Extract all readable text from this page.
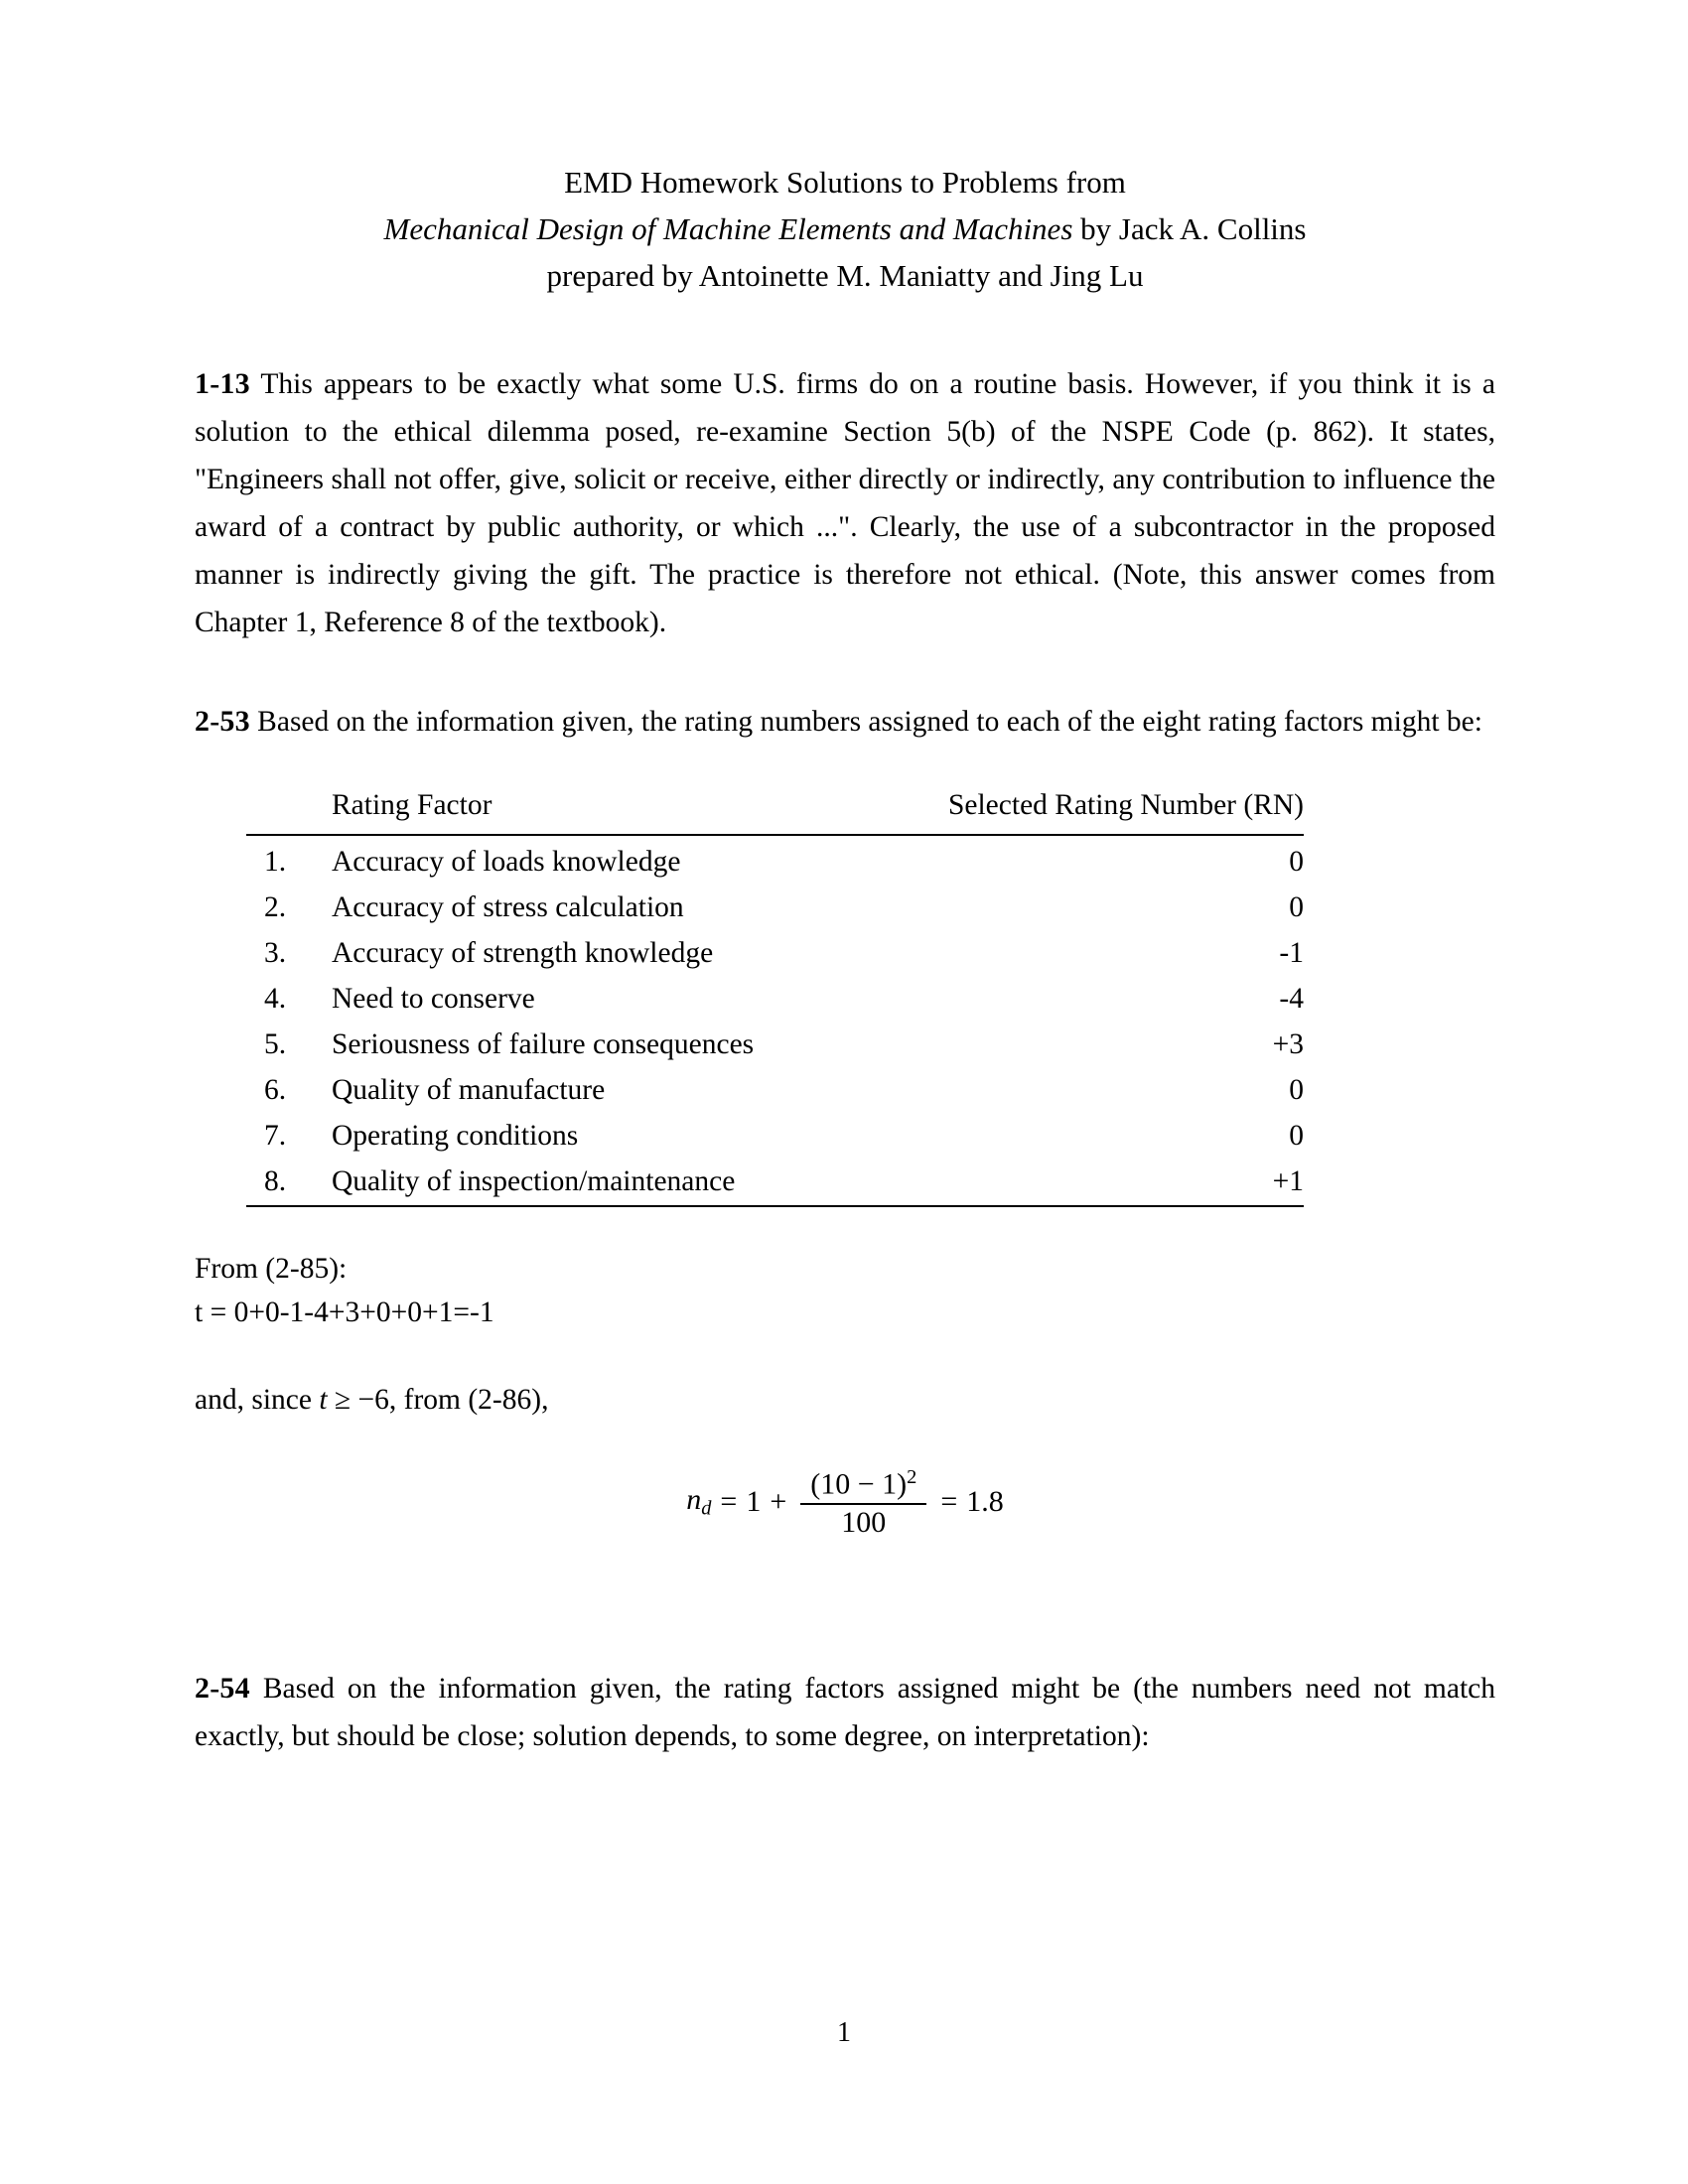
EMD Homework Solutions to Problems from
Mechanical Design of Machine Elements and Machines by Jack A. Collins
prepared by Antoinette M. Maniatty and Jing Lu

1-13 This appears to be exactly what some U.S. firms do on a routine basis. However, if you think it is a solution to the ethical dilemma posed, re-examine Section 5(b) of the NSPE Code (p. 862). It states, "Engineers shall not offer, give, solicit or receive, either directly or indirectly, any contribution to influence the award of a contract by public authority, or which ...". Clearly, the use of a subcontractor in the proposed manner is indirectly giving the gift. The practice is therefore not ethical. (Note, this answer comes from Chapter 1, Reference 8 of the textbook).

2-53 Based on the information given, the rating numbers assigned to each of the eight rating factors might be:

	Rating Factor	Selected Rating Number (RN)
1.	Accuracy of loads knowledge	0
2.	Accuracy of stress calculation	0
3.	Accuracy of strength knowledge	-1
4.	Need to conserve	-4
5.	Seriousness of failure consequences	+3
6.	Quality of manufacture	0
7.	Operating conditions	0
8.	Quality of inspection/maintenance	+1
From (2-85):
t = 0+0-1-4+3+0+0+1=-1
and, since t ≥ −6, from (2-86),
$n_d = 1 + \frac{(10 - 1)^2}{100} = 1.8$

2-54 Based on the information given, the rating factors assigned might be (the numbers need not match exactly, but should be close; solution depends, to some degree, on interpretation):

1
